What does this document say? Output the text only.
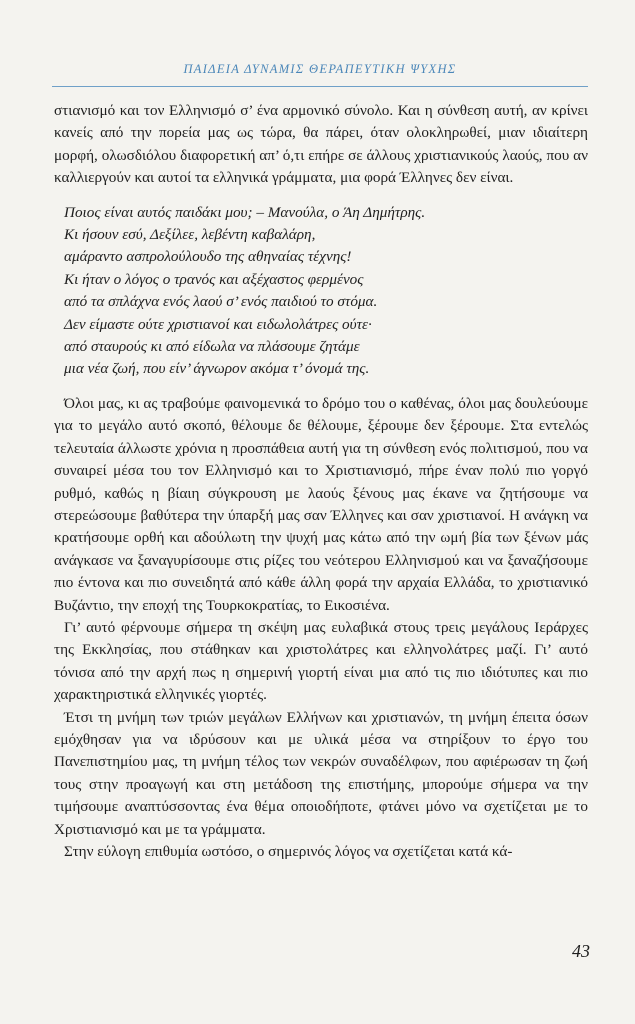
ΠΑΙΔΕΙΑ ΔΥΝΑΜΙΣ ΘΕΡΑΠΕΥΤΙΚΗ ΨΥΧΗΣ

στιανισμό και τον Ελληνισμό σ’ ένα αρμονικό σύνολο. Και η σύνθεση αυτή, αν κρίνει κανείς από την πορεία μας ως τώρα, θα πάρει, όταν ολοκληρωθεί, μιαν ιδιαίτερη μορφή, ολωσδιόλου διαφορετική απ’ ό,τι επήρε σε άλλους χριστιανικούς λαούς, που αν καλλιεργούν και αυτοί τα ελληνικά γράμματα, μια φορά Έλληνες δεν είναι.

Ποιος είναι αυτός παιδάκι μου; – Μανούλα, ο Άη Δημήτρης.
Κι ήσουν εσύ, Δεξίλεε, λεβέντη καβαλάρη,
αμάραντο ασπρολούλουδο της αθηναίας τέχνης!
Κι ήταν ο λόγος ο τρανός και αξέχαστος φερμένος
από τα σπλάχνα ενός λαού σ’ ενός παιδιού το στόμα.
Δεν είμαστε ούτε χριστιανοί και ειδωλολάτρες ούτε·
από σταυρούς κι από είδωλα να πλάσουμε ζητάμε
μια νέα ζωή, που είν’ άγνωρον ακόμα τ’ όνομά της.

Όλοι μας, κι ας τραβούμε φαινομενικά το δρόμο του ο καθένας, όλοι μας δουλεύουμε για το μεγάλο αυτό σκοπό, θέλουμε δε θέλουμε, ξέρουμε δεν ξέρουμε. Στα εντελώς τελευταία άλλωστε χρόνια η προσπάθεια αυτή για τη σύνθεση ενός πολιτισμού, που να συναιρεί μέσα του τον Ελληνισμό και το Χριστιανισμό, πήρε έναν πολύ πιο γοργό ρυθμό, καθώς η βίαιη σύγκρουση με λαούς ξένους μας έκανε να ζητήσουμε να στερεώσουμε βαθύτερα την ύπαρξή μας σαν Έλληνες και σαν χριστιανοί. Η ανάγκη να κρατήσουμε ορθή και αδούλωτη την ψυχή μας κάτω από την ωμή βία των ξένων μάς ανάγκασε να ξαναγυρίσουμε στις ρίζες του νεότερου Ελληνισμού και να ξαναζήσουμε πιο έντονα και πιο συνειδητά από κάθε άλλη φορά την αρχαία Ελλάδα, το χριστιανικό Βυζάντιο, την εποχή της Τουρκοκρατίας, το Εικοσιένα.

Γι’ αυτό φέρνουμε σήμερα τη σκέψη μας ευλαβικά στους τρεις μεγάλους Ιεράρχες της Εκκλησίας, που στάθηκαν και χριστολάτρες και ελληνολάτρες μαζί. Γι’ αυτό τόνισα από την αρχή πως η σημερινή γιορτή είναι μια από τις πιο ιδιότυπες και πιο χαρακτηριστικά ελληνικές γιορτές.

Έτσι τη μνήμη των τριών μεγάλων Ελλήνων και χριστιανών, τη μνήμη έπειτα όσων εμόχθησαν για να ιδρύσουν και με υλικά μέσα να στηρίξουν το έργο του Πανεπιστημίου μας, τη μνήμη τέλος των νεκρών συναδέλφων, που αφιέρωσαν τη ζωή τους στην προαγωγή και στη μετάδοση της επιστήμης, μπορούμε σήμερα να την τιμήσουμε αναπτύσσοντας ένα θέμα οποιοδήποτε, φτάνει μόνο να σχετίζεται με το Χριστιανισμό και με τα γράμματα.

Στην εύλογη επιθυμία ωστόσο, ο σημερινός λόγος να σχετίζεται κατά κά-

43
